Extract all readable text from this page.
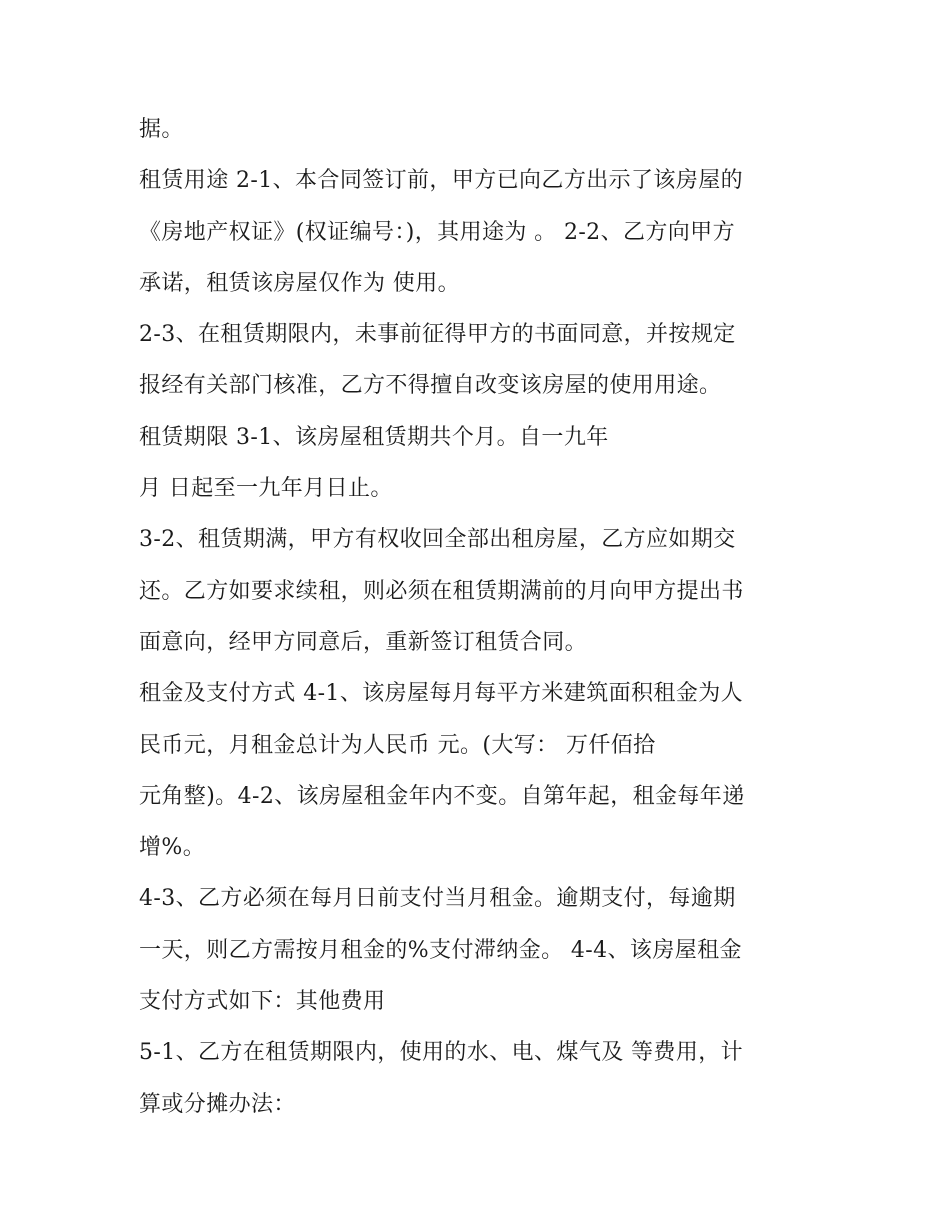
据。
租赁用途 2-1、本合同签订前，甲方已向乙方出示了该房屋的
《房地产权证》(权证编号：)，其用途为 。 2-2、乙方向甲方
承诺，租赁该房屋仅作为 使用。
2-3、在租赁期限内，未事前征得甲方的书面同意，并按规定
报经有关部门核准，乙方不得擅自改变该房屋的使用用途。
租赁期限 3-1、该房屋租赁期共个月。自一九年
月 日起至一九年月日止。
3-2、租赁期满，甲方有权收回全部出租房屋，乙方应如期交
还。乙方如要求续租，则必须在租赁期满前的月向甲方提出书
面意向，经甲方同意后，重新签订租赁合同。
租金及支付方式 4-1、该房屋每月每平方米建筑面积租金为人
民币元，月租金总计为人民币 元。(大写： 万仟佰拾
元角整)。4-2、该房屋租金年内不变。自第年起，租金每年递
增%。
4-3、乙方必须在每月日前支付当月租金。逾期支付，每逾期
一天，则乙方需按月租金的%支付滞纳金。 4-4、该房屋租金
支付方式如下：其他费用
5-1、乙方在租赁期限内，使用的水、电、煤气及 等费用，计
算或分摊办法：
